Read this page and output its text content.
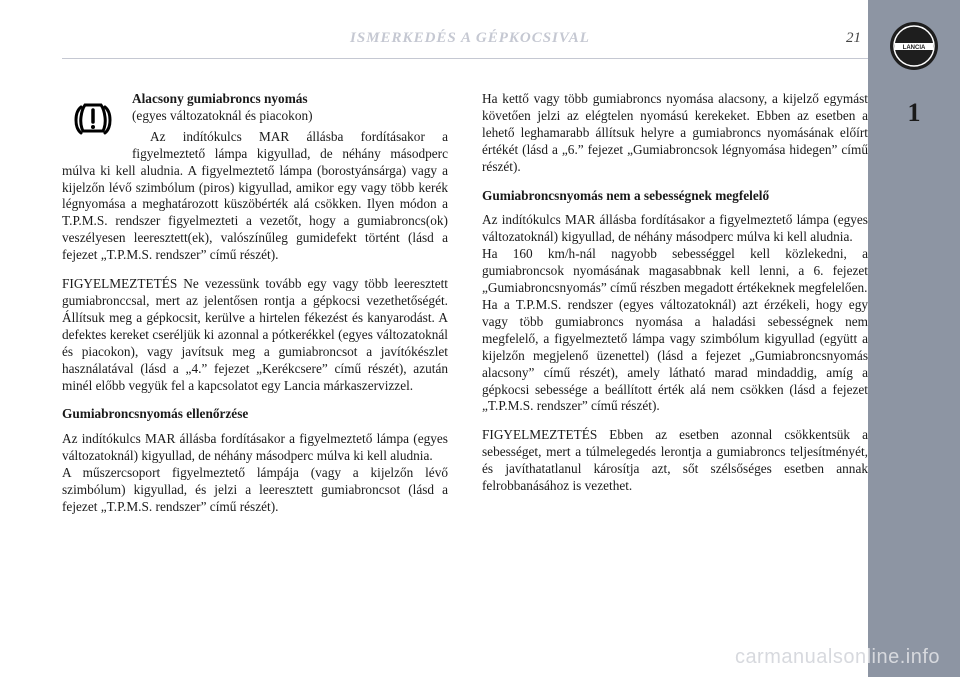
ISMERKEDÉS A GÉPKOCSIVAL	21
LANCIA
1
Alacsony gumiabroncs nyomás
(egyes változatoknál és piacokon)

Az indítókulcs MAR állásba fordításakor a figyelmeztető lámpa kigyullad, de néhány másodperc múlva ki kell aludnia. A figyelmeztető lámpa (borostyánsárga) vagy a kijelzőn lévő szimbólum (piros) kigyullad, amikor egy vagy több kerék légnyomása a meghatározott küszöbérték alá csökken. Ilyen módon a T.P.M.S. rendszer figyelmezteti a vezetőt, hogy a gumiabroncs(ok) veszélyesen leeresztett(ek), valószínűleg gumidefekt történt (lásd a fejezet „T.P.M.S. rendszer” című részét).

FIGYELMEZTETÉS Ne vezessünk tovább egy vagy több leeresztett gumiabronccsal, mert az jelentősen rontja a gépkocsi vezethetőségét. Állítsuk meg a gépkocsit, kerülve a hirtelen fékezést és kanyarodást. A defektes kereket cseréljük ki azonnal a pótkerékkel (egyes változatoknál és piacokon), vagy javítsuk meg a gumiabroncsot a javítókészlet használatával (lásd a „4.” fejezet „Kerékcsere” című részét), azután minél előbb vegyük fel a kapcsolatot egy Lancia márkaszervizzel.

Gumiabroncsnyomás ellenőrzése

Az indítókulcs MAR állásba fordításakor a figyelmeztető lámpa (egyes változatoknál) kigyullad, de néhány másodperc múlva ki kell aludnia.

A műszercsoport figyelmeztető lámpája (vagy a kijelzőn lévő szimbólum) kigyullad, és jelzi a leeresztett gumiabroncsot (lásd a fejezet „T.P.M.S. rendszer” című részét).

Ha kettő vagy több gumiabroncs nyomása alacsony, a kijelző egymást követően jelzi az elégtelen nyomású kerekeket. Ebben az esetben a lehető leghamarabb állítsuk helyre a gumiabroncs nyomásának előírt értékét (lásd a „6.” fejezet „Gumiabroncsok légnyomása hidegen” című részét).

Gumiabroncsnyomás nem a sebességnek megfelelő

Az indítókulcs MAR állásba fordításakor a figyelmeztető lámpa (egyes változatoknál) kigyullad, de néhány másodperc múlva ki kell aludnia.

Ha 160 km/h-nál nagyobb sebességgel kell közlekedni, a gumiabroncsok nyomásának magasabbnak kell lenni, a 6. fejezet „Gumiabroncsnyomás” című részben megadott értékeknek megfelelően.

Ha a T.P.M.S. rendszer (egyes változatoknál) azt érzékeli, hogy egy vagy több gumiabroncs nyomása a haladási sebességnek nem megfelelő, a figyelmeztető lámpa vagy szimbólum kigyullad (együtt a kijelzőn megjelenő üzenettel) (lásd a fejezet „Gumiabroncsnyomás alacsony” című részét), amely látható marad mindaddig, amíg a gépkocsi sebessége a beállított érték alá nem csökken (lásd a fejezet „T.P.M.S. rendszer” című részét).

FIGYELMEZTETÉS Ebben az esetben azonnal csökkentsük a sebességet, mert a túlmelegedés lerontja a gumiabroncs teljesítményét, és javíthatatlanul károsítja azt, sőt szélsőséges esetben annak felrobbanásához is vezethet.

carmanualsonline.info
